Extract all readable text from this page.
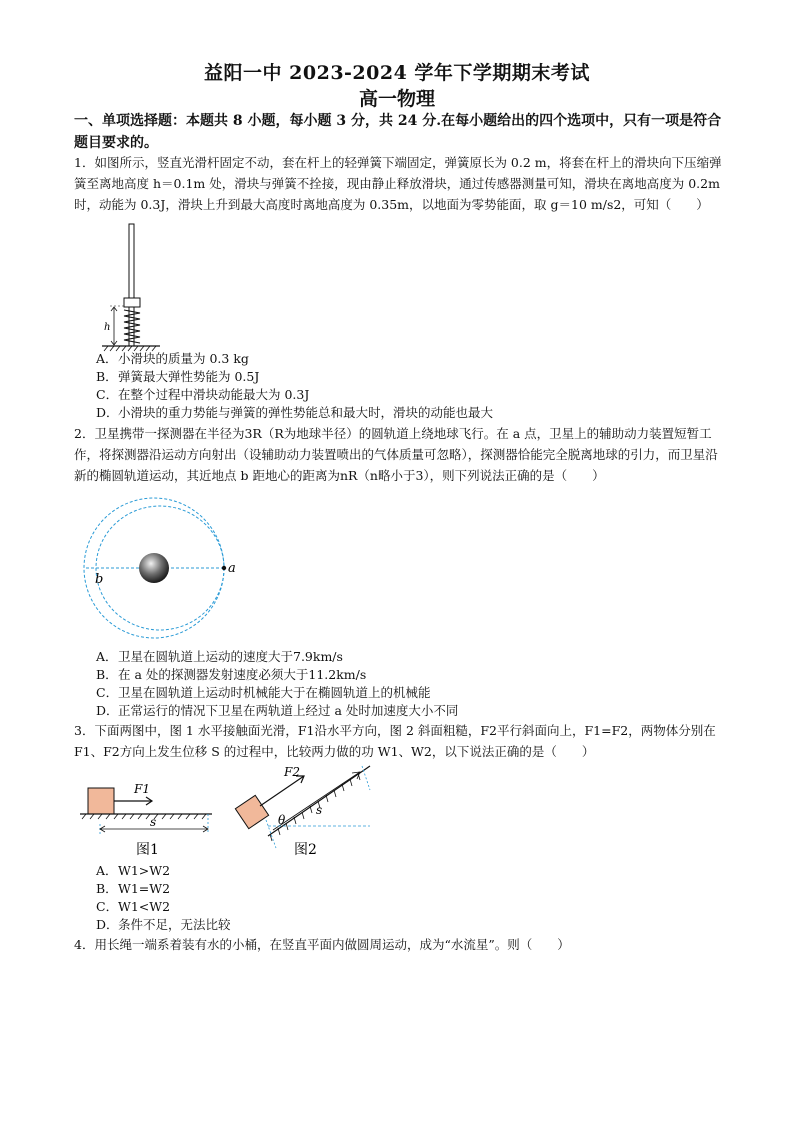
益阳一中 2023-2024 学年下学期期末考试
高一物理
一、单项选择题：本题共 8 小题，每小题 3 分，共 24 分.在每小题给出的四个选项中，只有一项是符合题目要求的。
1．如图所示，竖直光滑杆固定不动，套在杆上的轻弹簧下端固定，弹簧原长为 0.2 m，将套在杆上的滑块向下压缩弹簧至离地高度 h＝0.1m 处，滑块与弹簧不拴接，现由静止释放滑块，通过传感器测量可知，滑块在离地高度为 0.2m 时，动能为 0.3J，滑块上升到最大高度时离地高度为 0.35m，以地面为零势能面，取 g＝10 m/s2，可知（　　）
h
A．小滑块的质量为 0.3 kg
B．弹簧最大弹性势能为 0.5J
C．在整个过程中滑块动能最大为 0.3J
D．小滑块的重力势能与弹簧的弹性势能总和最大时，滑块的动能也最大
2．卫星携带一探测器在半径为3R（R为地球半径）的圆轨道上绕地球飞行。在 a 点，卫星上的辅助动力装置短暂工作，将探测器沿运动方向射出（设辅助动力装置喷出的气体质量可忽略），探测器恰能完全脱离地球的引力，而卫星沿新的椭圆轨道运动，其近地点 b 距地心的距离为nR（n略小于3），则下列说法正确的是（　　）
a
b
A．卫星在圆轨道上运动的速度大于7.9km/s
B．在 a 处的探测器发射速度必须大于11.2km/s
C．卫星在圆轨道上运动时机械能大于在椭圆轨道上的机械能
D．正常运行的情况下卫星在两轨道上经过 a 处时加速度大小不同
3．下面两图中，图 1 水平接触面光滑，F1沿水平方向，图 2 斜面粗糙，F2平行斜面向上，F1=F2，两物体分别在 F1、F2方向上发生位移 S 的过程中，比较两力做的功 W1、W2，以下说法正确的是（　　）
F1
s
图1
F2
s
θ
图2
A．W1>W2
B．W1=W2
C．W1<W2
D．条件不足，无法比较
4．用长绳一端系着装有水的小桶，在竖直平面内做圆周运动，成为“水流星”。则（　　）
